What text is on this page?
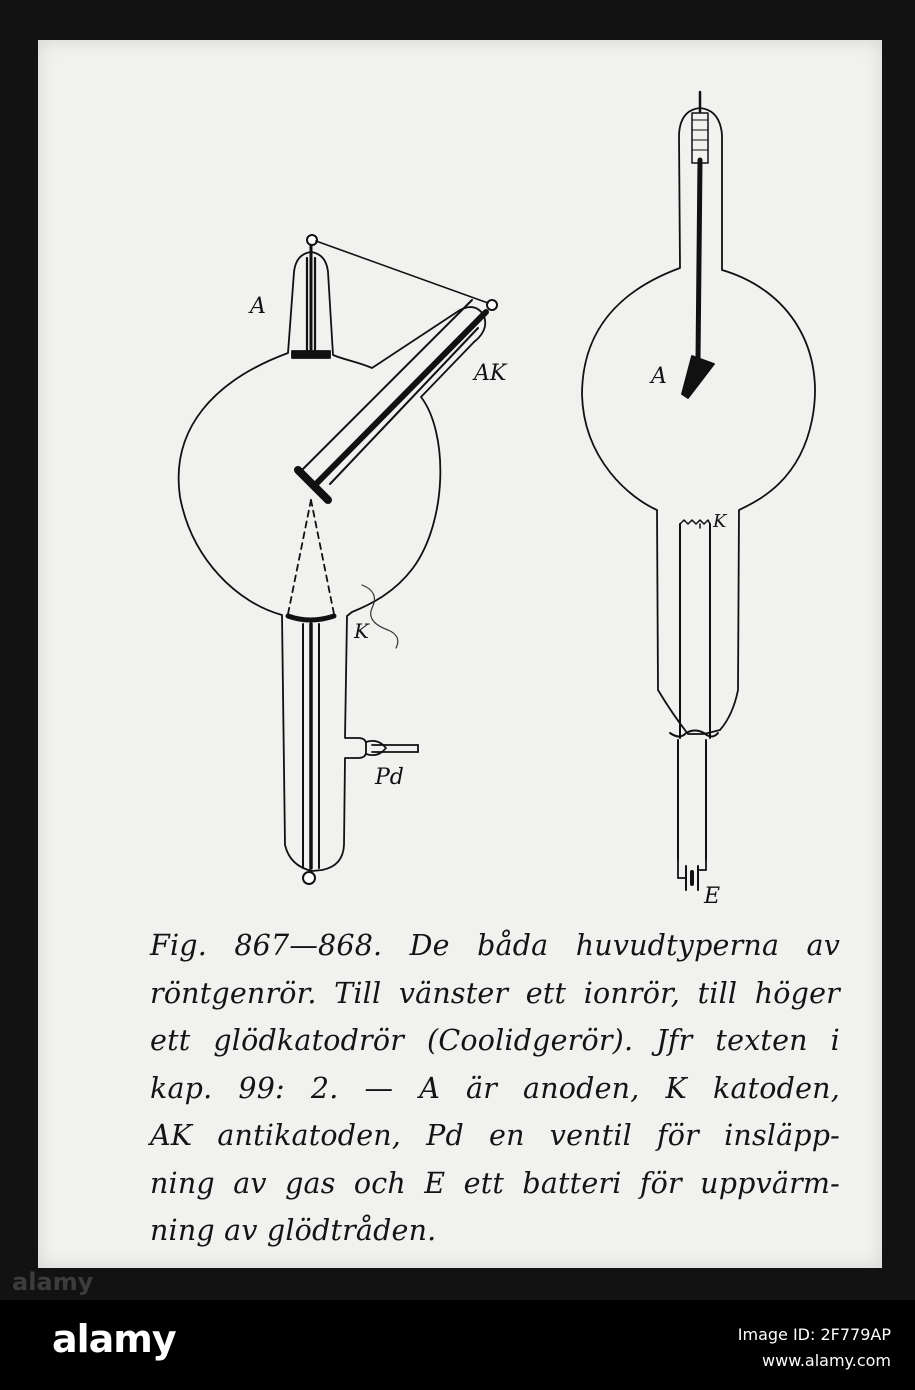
A
AK
K
Pd
A
K
E
Fig. 867—868. De båda huvudtyperna av
röntgenrör. Till vänster ett ionrör, till höger
ett glödkatodrör (Coolidgerör). Jfr texten i
kap. 99: 2. — A är anoden, K katoden,
AK antikatoden, Pd en ventil för insläpp-
ning av gas och E ett batteri för uppvärm-
ning av glödtråden.
alamy
alamy	Image ID: 2F779AP
www.alamy.com
